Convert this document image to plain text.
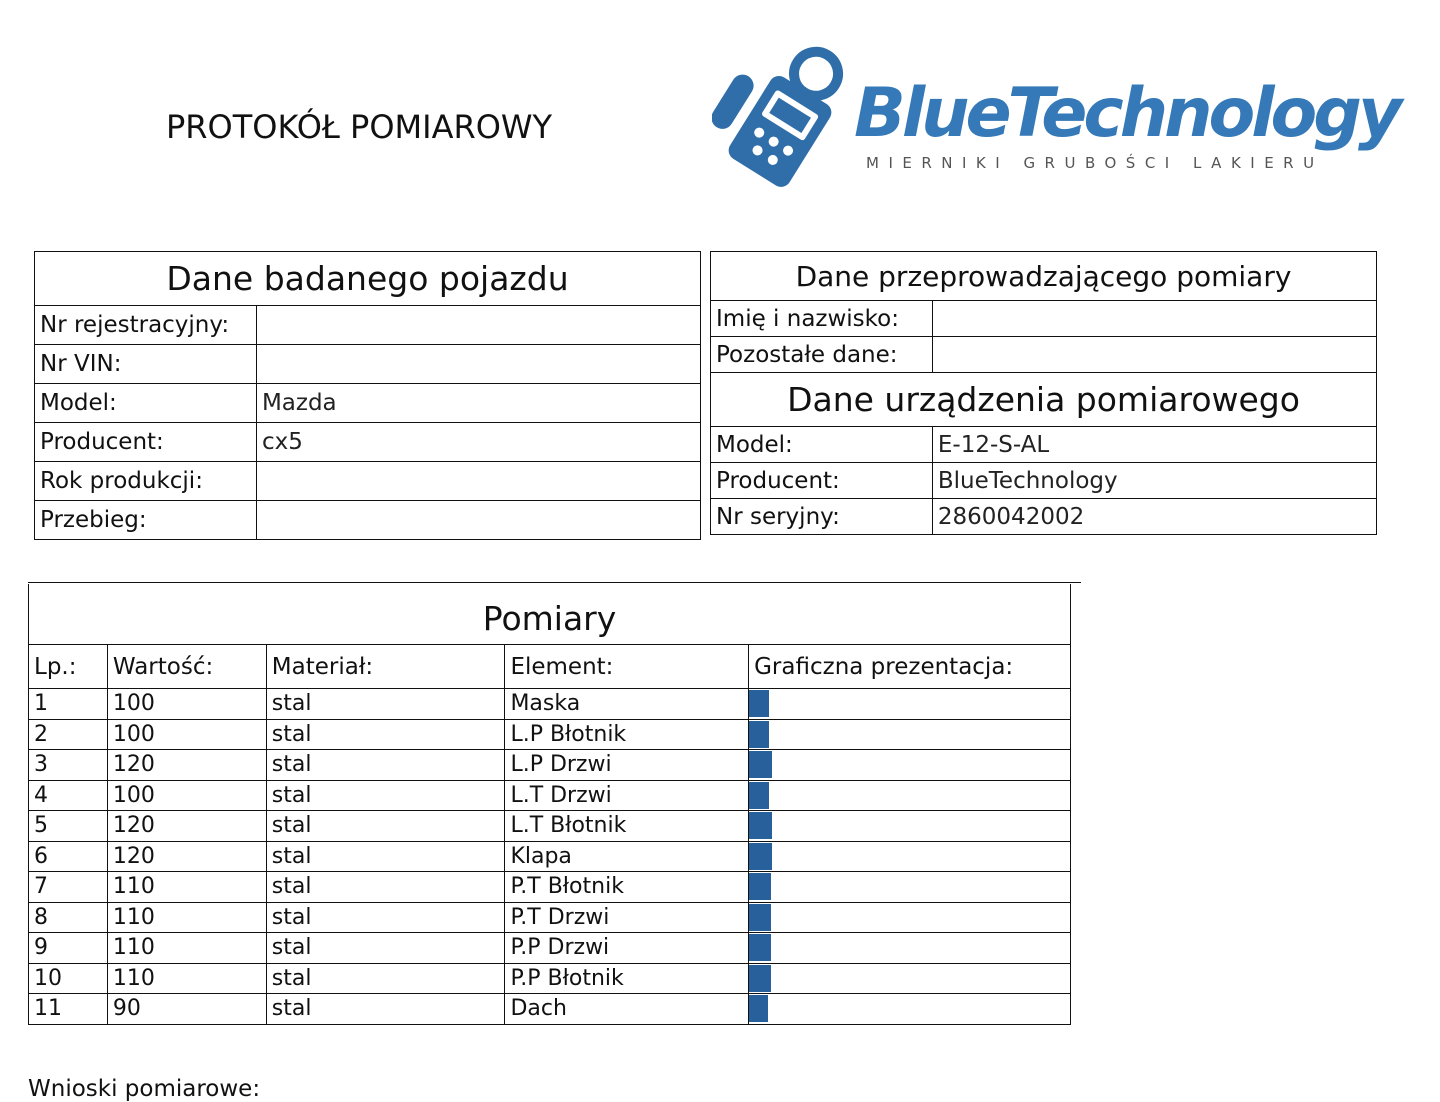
PROTOKÓŁ POMIAROWY	BlueTechnology
MIERNIKI GRUBOŚCI LAKIERU
Dane badanego pojazdu	
Nr rejestracyjny:	
Nr VIN:	
Model:	Mazda
Producent:	cx5
Rok produkcji:	
Przebieg:	
Dane przeprowadzającego pomiary	
Imię i nazwisko:	
Pozostałe dane:	
Dane urządzenia pomiarowego	
Model:	E-12-S-AL
Producent:	BlueTechnology
Nr seryjny:	2860042002
Pomiary				
Lp.:	Wartość:	Materiał:	Element:	Graficzna prezentacja:
1	100	stal	Maska	
2	100	stal	L.P Błotnik	
3	120	stal	L.P Drzwi	
4	100	stal	L.T Drzwi	
5	120	stal	L.T Błotnik	
6	120	stal	Klapa	
7	110	stal	P.T Błotnik	
8	110	stal	P.T Drzwi	
9	110	stal	P.P Drzwi	
10	110	stal	P.P Błotnik	
11	90	stal	Dach	
Wnioski pomiarowe:
